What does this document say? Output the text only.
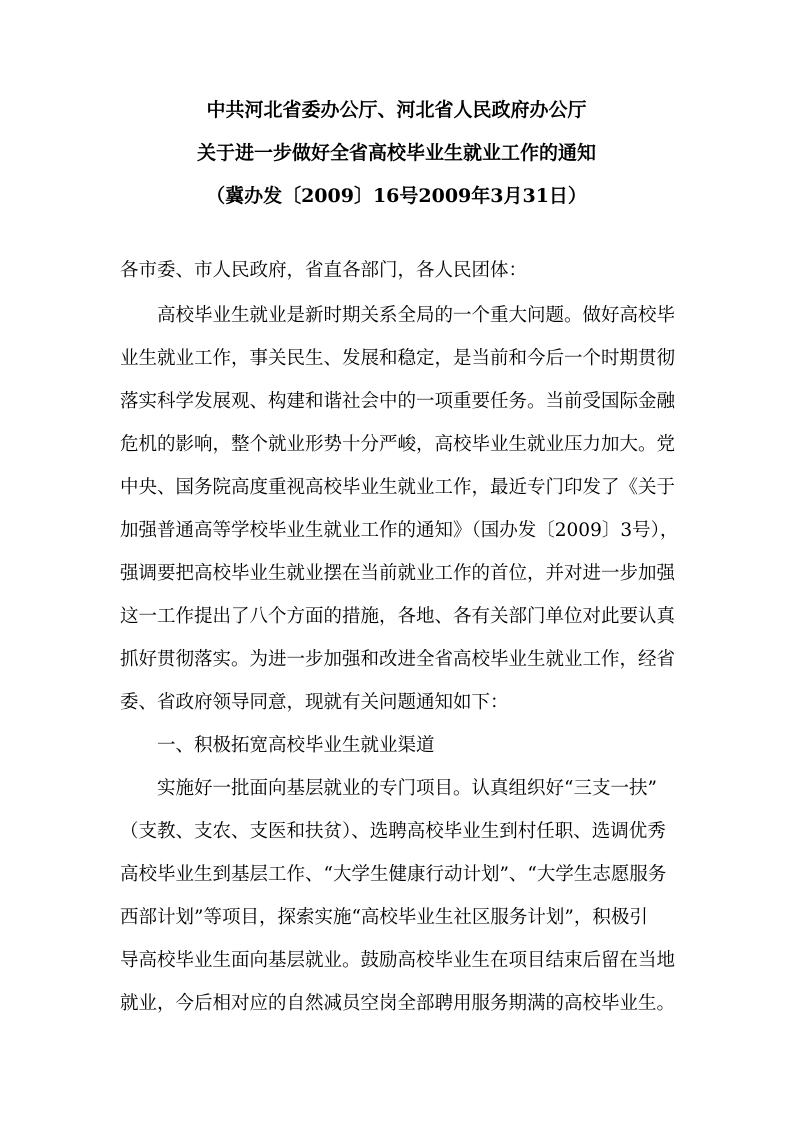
中共河北省委办公厅、河北省人民政府办公厅
关于进一步做好全省高校毕业生就业工作的通知
（冀办发〔2009〕16号2009年3月31日）
各市委、市人民政府，省直各部门，各人民团体：
　　高校毕业生就业是新时期关系全局的一个重大问题。做好高校毕
业生就业工作，事关民生、发展和稳定，是当前和今后一个时期贯彻
落实科学发展观、构建和谐社会中的一项重要任务。当前受国际金融
危机的影响，整个就业形势十分严峻，高校毕业生就业压力加大。党
中央、国务院高度重视高校毕业生就业工作，最近专门印发了《关于
加强普通高等学校毕业生就业工作的通知》（国办发〔2009〕3号），
强调要把高校毕业生就业摆在当前就业工作的首位，并对进一步加强
这一工作提出了八个方面的措施，各地、各有关部门单位对此要认真
抓好贯彻落实。为进一步加强和改进全省高校毕业生就业工作，经省
委、省政府领导同意，现就有关问题通知如下：
　　一、积极拓宽高校毕业生就业渠道
　　实施好一批面向基层就业的专门项目。认真组织好“三支一扶”
（支教、支农、支医和扶贫）、选聘高校毕业生到村任职、选调优秀
高校毕业生到基层工作、“大学生健康行动计划”、“大学生志愿服务
西部计划”等项目，探索实施“高校毕业生社区服务计划”，积极引
导高校毕业生面向基层就业。鼓励高校毕业生在项目结束后留在当地
就业，今后相对应的自然减员空岗全部聘用服务期满的高校毕业生。
